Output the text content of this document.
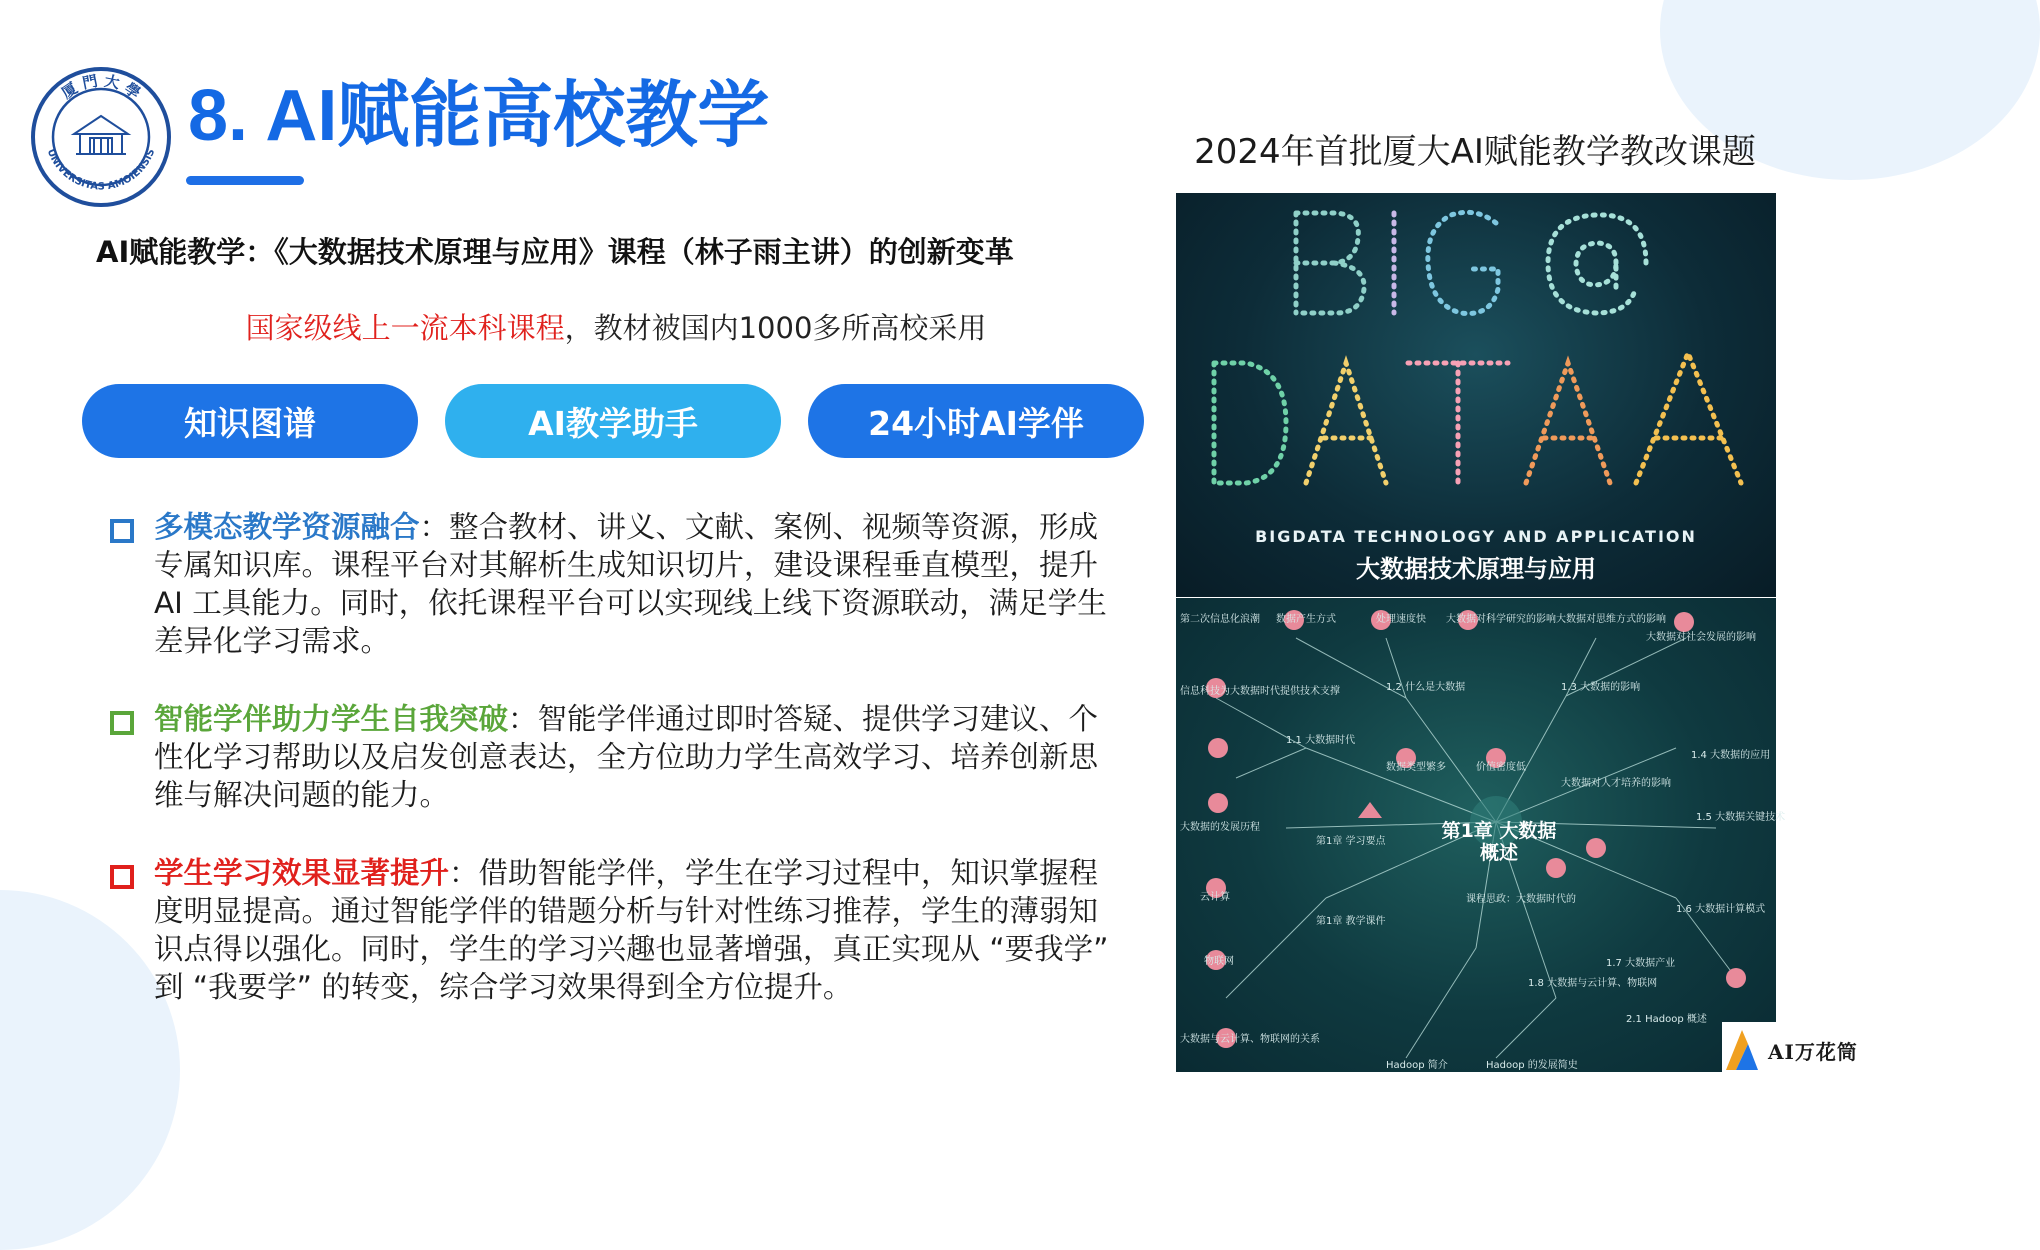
厦 門 大 學
UNIVERSITAS AMOIENSIS 8. AI赋能高校教学	2024年首批厦大AI赋能教学教改课题
AI赋能教学：《大数据技术原理与应用》课程（林子雨主讲）的创新变革
国家级线上一流本科课程，教材被国内1000多所高校采用
知识图谱	AI教学助手	24小时AI学伴
多模态教学资源融合：整合教材、讲义、文献、案例、视频等资源，形成专属知识库。课程平台对其解析生成知识切片，建设课程垂直模型，提升AI 工具能力。同时，依托课程平台可以实现线上线下资源联动，满足学生差异化学习需求。
智能学伴助力学生自我突破：智能学伴通过即时答疑、提供学习建议、个性化学习帮助以及启发创意表达，全方位助力学生高效学习、培养创新思维与解决问题的能力。
学生学习效果显著提升：借助智能学伴，学生在学习过程中，知识掌握程度明显提高。通过智能学伴的错题分析与针对性练习推荐，学生的薄弱知识点得以强化。同时，学生的学习兴趣也显著增强，真正实现从 “要我学” 到 “我要学” 的转变，综合学习效果得到全方位提升。
BIGDATA TECHNOLOGY AND APPLICATION
大数据技术原理与应用
第二次信息化浪潮 数据产生方式	处理速度快 大数据对科学研究的影响 大数据对思维方式的影响
大数据对社会发展的影响
信息科技为大数据时代提供技术支撑	1.2 什么是大数据	1.3 大数据的影响
1.1 大数据时代
1.4 大数据的应用
数据类型繁多	价值密度低
大数据对人才培养的影响
大数据的发展历程
第1章 学习要点
1.5 大数据关键技术
云计算
第1章 教学课件
课程思政：大数据时代的
1.6 大数据计算模式
1.7 大数据产业
物联网
1.8 大数据与云计算、物联网
2.1 Hadoop 概述
Hadoop 简介	Hadoop 的发展简史
大数据与云计算、物联网的关系
第1章 大数据概述
AI万花筒
